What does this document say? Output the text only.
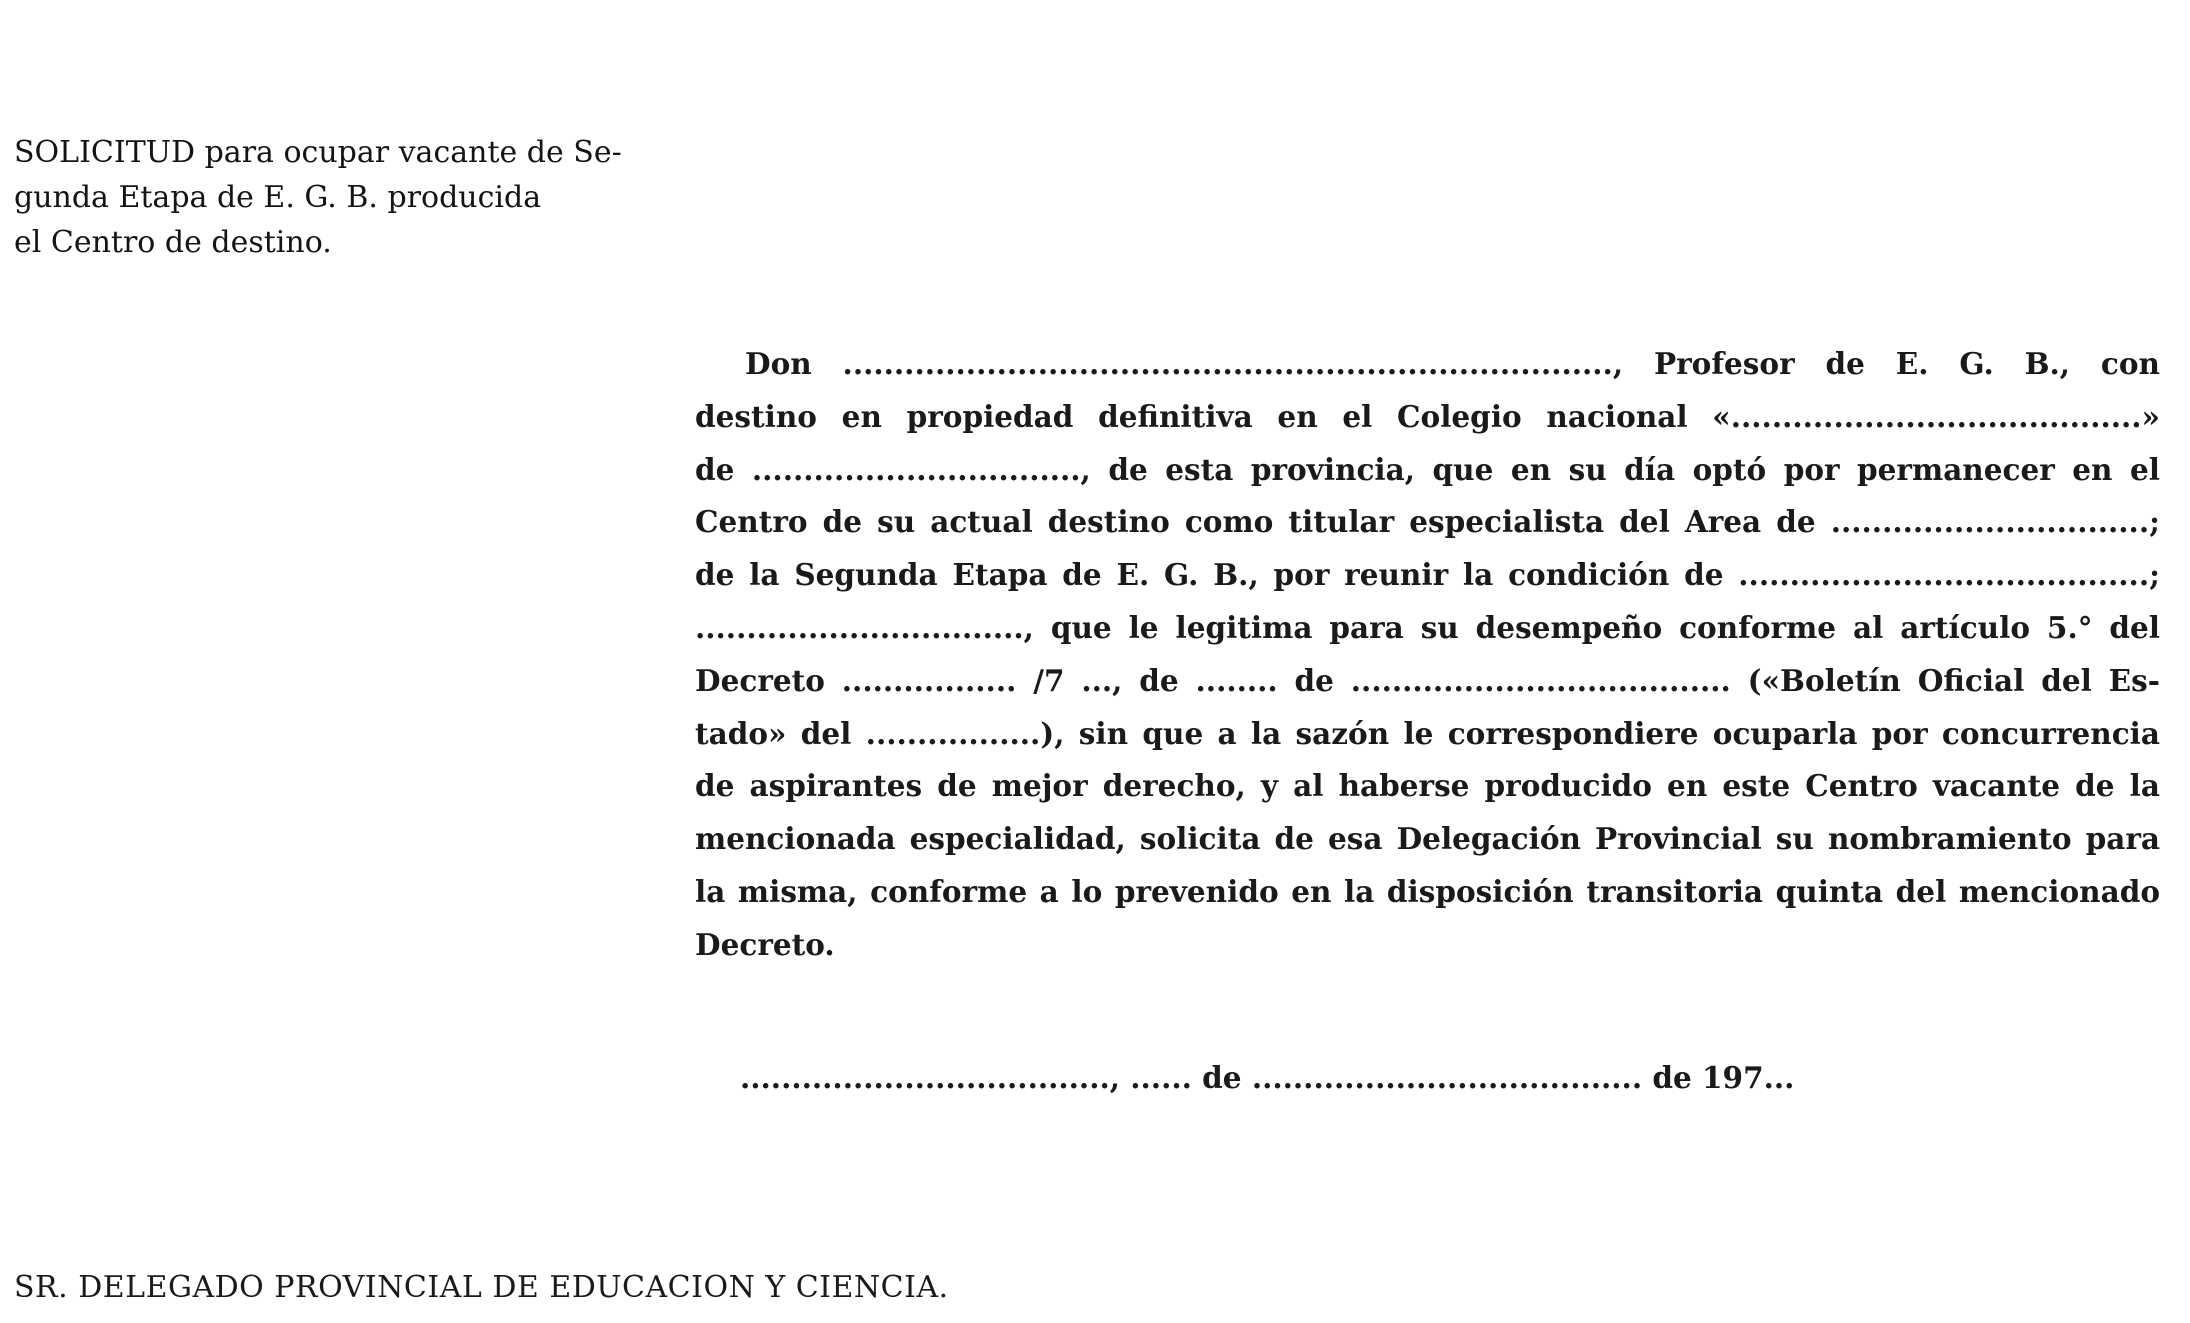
SOLICITUD para ocupar vacante de Se-
gunda Etapa de E. G. B. producida
el Centro de destino.
Don ..........................................................................., Profesor de E. G. B., con
destino en propiedad definitiva en el Colegio nacional «........................................»
de ................................, de esta provincia, que en su día optó por permanecer en el
Centro de su actual destino como titular especialista del Area de ...............................;
de la Segunda Etapa de E. G. B., por reunir la condición de ........................................;
................................, que le legitima para su desempeño conforme al artículo 5.° del
Decreto ................. /7 ..., de ........ de ..................................... («Boletín Oficial del Es-
tado» del .................), sin que a la sazón le correspondiere ocuparla por concurrencia
de aspirantes de mejor derecho, y al haberse producido en este Centro vacante de la
mencionada especialidad, solicita de esa Delegación Provincial su nombramiento para
la misma, conforme a lo prevenido en la disposición transitoria quinta del mencionado
Decreto.
...................................., ...... de ...................................... de 197...
SR. DELEGADO PROVINCIAL DE EDUCACION Y CIENCIA.
